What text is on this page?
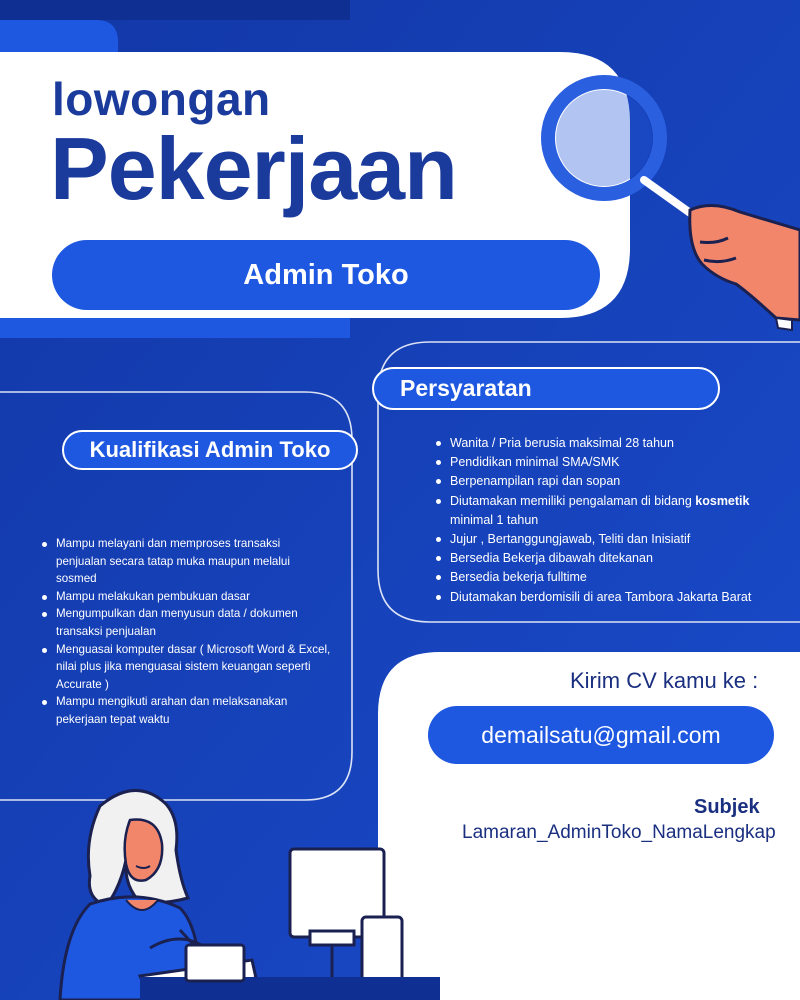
lowongan
Pekerjaan
Admin Toko
Persyaratan
Wanita / Pria berusia maksimal 28 tahun
Pendidikan minimal SMA/SMK
Berpenampilan rapi dan sopan
Diutamakan memiliki pengalaman di bidang kosmetik minimal 1 tahun
Jujur , Bertanggungjawab, Teliti dan Inisiatif
Bersedia Bekerja dibawah ditekanan
Bersedia bekerja fulltime
Diutamakan berdomisili di area Tambora Jakarta Barat
Kualifikasi Admin Toko
Mampu melayani dan memproses transaksi penjualan secara tatap muka maupun melalui sosmed
Mampu melakukan pembukuan dasar
Mengumpulkan dan menyusun data / dokumen transaksi penjualan
Menguasai komputer dasar ( Microsoft Word & Excel, nilai plus jika menguasai sistem keuangan seperti Accurate )
Mampu mengikuti arahan dan melaksanakan pekerjaan tepat waktu
Kirim CV kamu ke :
demailsatu@gmail.com
Subjek
Lamaran_AdminToko_NamaLengkap
